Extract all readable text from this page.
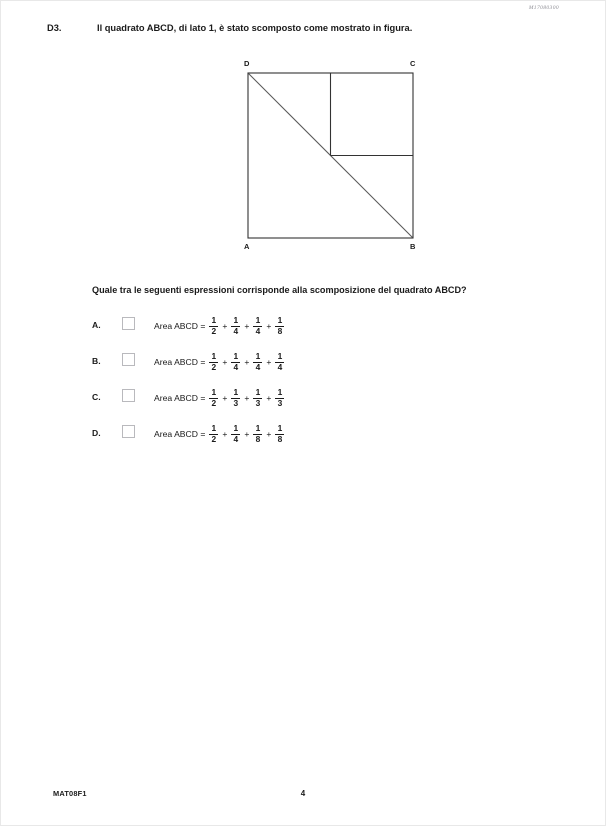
M17080300
D3.	Il quadrato ABCD, di lato 1, è stato scomposto come mostrato in figura.
D	C
A	B
Quale tra le seguenti espressioni corrisponde alla scomposizione del quadrato ABCD?
A.	Area ABCD = $\frac{1}{2} + \frac{1}{4} + \frac{1}{4} + \frac{1}{8}$
B.	Area ABCD = $\frac{1}{2} + \frac{1}{4} + \frac{1}{4} + \frac{1}{4}$
C.	Area ABCD = $\frac{1}{2} + \frac{1}{3} + \frac{1}{3} + \frac{1}{3}$
D.	Area ABCD = $\frac{1}{2} + \frac{1}{4} + \frac{1}{8} + \frac{1}{8}$
MAT08F1	4
